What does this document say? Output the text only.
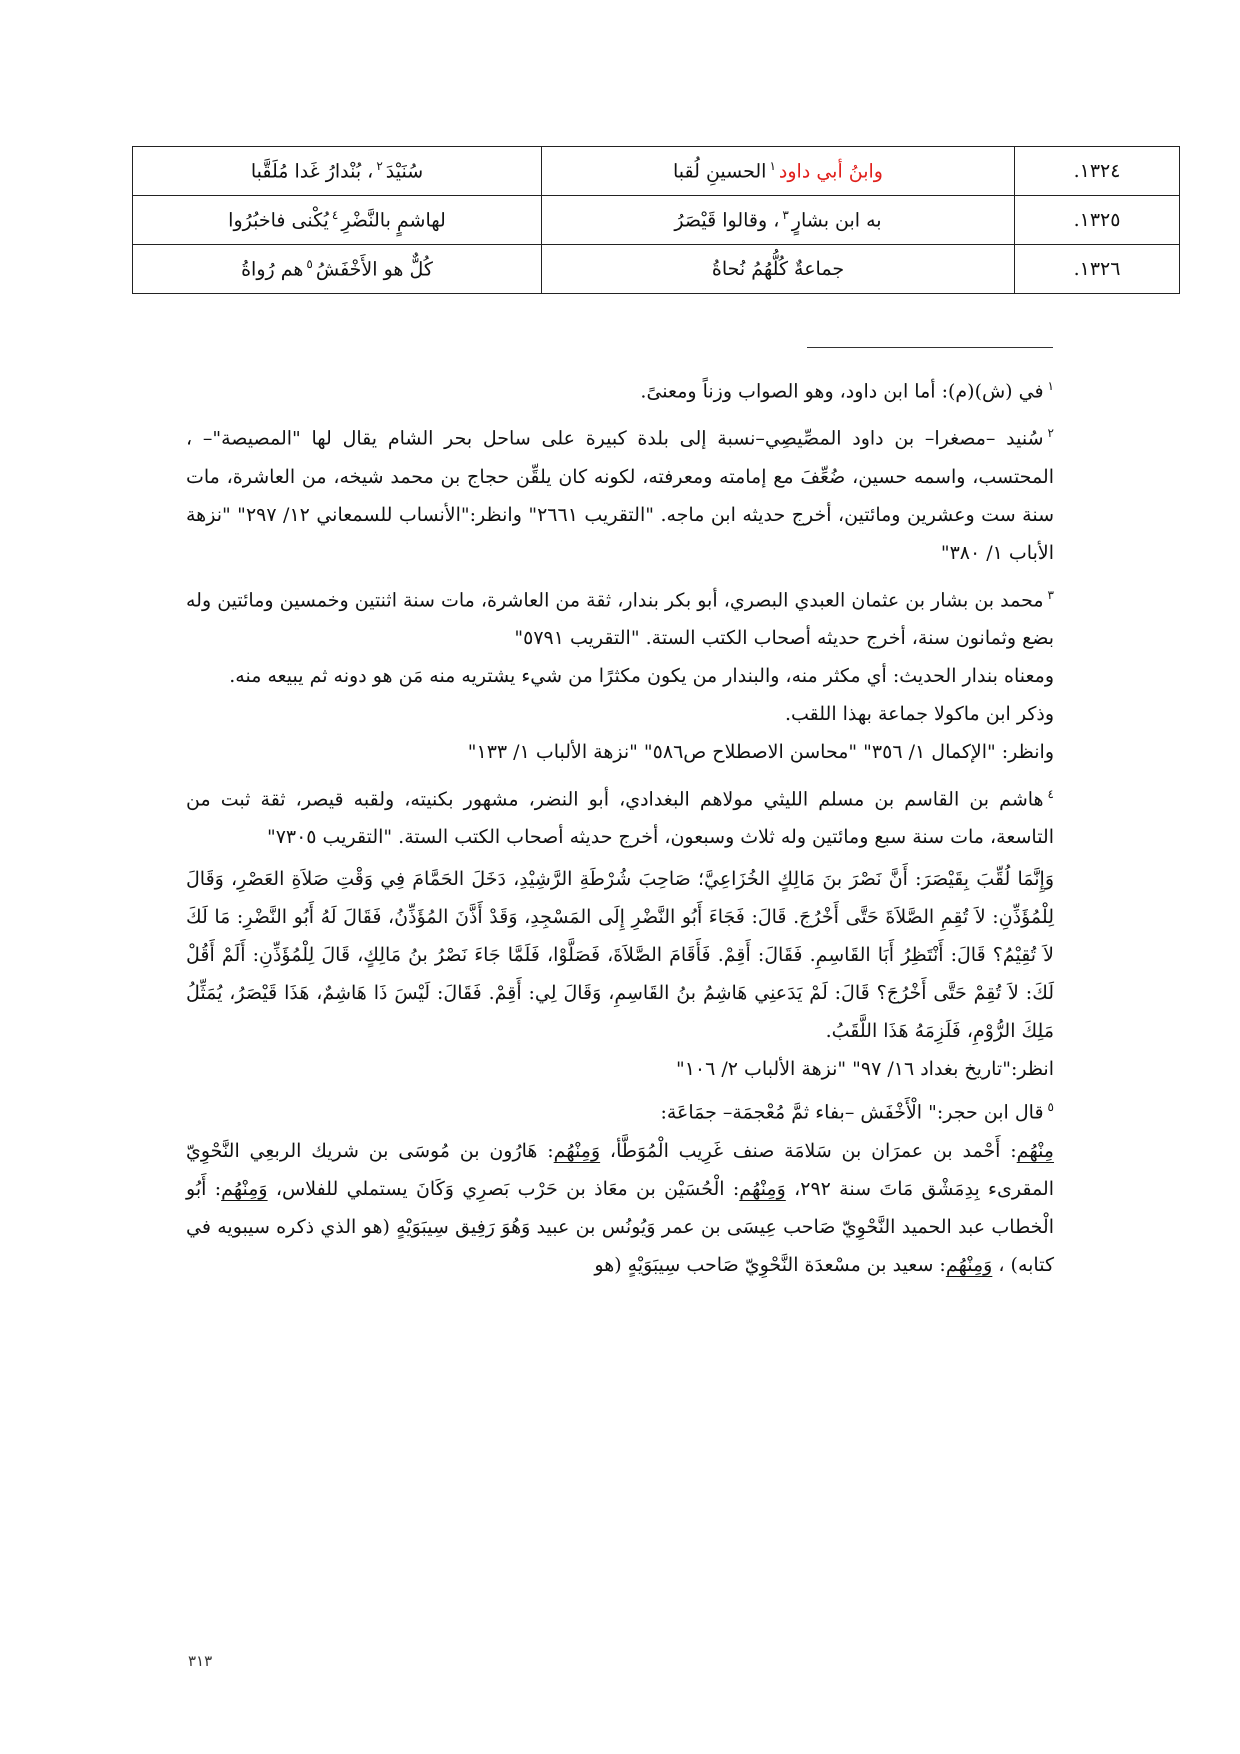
١٣٢٤.	وابنُ أبي داود$^١$الحسينِ لُقبا	سُنَيْدَ$^٢$، بُنْدارُ غَدا مُلَقَّبا
١٣٢٥.	به ابن بشارٍ$^٣$، وقالوا قَيْصَرُ	لهاشمٍ بالنَّضْرِ$^٤$يُكْنى فاخبُرُوا
١٣٢٦.	جماعةٌ كُلُّهُمُ نُحاةُ	كُلٌّ هو الأَخْفَشُ$^٥$هم رُواةُ

$^١$في (ش)(م): أما ابن داود، وهو الصواب وزناً ومعنىً.

$^٢$سُنيد –مصغرا– بن داود المصِّيصِي–نسبة إلى بلدة كبيرة على ساحل بحر الشام يقال لها "المصيصة"– ، المحتسب، واسمه حسين، ضُعِّفَ مع إمامته ومعرفته، لكونه كان يلقِّن حجاج بن محمد شيخه، من العاشرة، مات سنة ست وعشرين ومائتين، أخرج حديثه ابن ماجه. "التقريب ٢٦٦١" وانظر:"الأنساب للسمعاني ١٢/ ٢٩٧" "نزهة الأباب ١/ ٣٨٠"

$^٣$محمد بن بشار بن عثمان العبدي البصري، أبو بكر بندار، ثقة من العاشرة، مات سنة اثنتين وخمسين ومائتين وله بضع وثمانون سنة، أخرج حديثه أصحاب الكتب الستة. "التقريب ٥٧٩١"

ومعناه بندار الحديث: أي مكثر منه، والبندار من يكون مكثرًا من شيء يشتريه منه مَن هو دونه ثم يبيعه منه.

وذكر ابن ماكولا جماعة بهذا اللقب.

وانظر: "الإكمال ١/ ٣٥٦" "محاسن الاصطلاح ص٥٨٦" "نزهة الألباب ١/ ١٣٣"

$^٤$هاشم بن القاسم بن مسلم الليثي مولاهم البغدادي، أبو النضر، مشهور بكنيته، ولقبه قيصر، ثقة ثبت من التاسعة، مات سنة سبع ومائتين وله ثلاث وسبعون، أخرج حديثه أصحاب الكتب الستة. "التقريب ٧٣٠٥"

وَإِنَّمَا لُقِّبَ بِقَيْصَرَ: أَنَّ نَصْرَ بنَ مَالِكٍ الخُزَاعِيَّ؛ صَاحِبَ شُرْطَةِ الرَّشِيْدِ، دَخَلَ الحَمَّامَ فِي وَقْتِ صَلاَةِ العَصْرِ، وَقَالَ لِلْمُؤَذِّنِ: لاَ تُقِمِ الصَّلاَةَ حَتَّى أَخْرُجَ. قَالَ: فَجَاءَ أَبُو النَّضْرِ إِلَى المَسْجِدِ، وَقَدْ أَذَّنَ المُؤَذِّنُ، فَقَالَ لَهُ أَبُو النَّضْرِ: مَا لَكَ لاَ تُقِيْمُ؟ قَالَ: أَنْتَظِرُ أَبَا القَاسِمِ. فَقَالَ: أَقِمْ. فَأَقَامَ الصَّلاَةَ، فَصَلَّوْا، فَلَمَّا جَاءَ نَصْرُ بنُ مَالِكٍ، قَالَ لِلْمُؤَذِّنِ: أَلَمْ أَقُلْ لَكَ: لاَ تُقِمْ حَتَّى أَخْرُجَ؟ قَالَ: لَمْ يَدَعنِي هَاشِمُ بنُ القَاسِمِ، وَقَالَ لِي: أَقِمْ. فَقَالَ: لَيْسَ ذَا هَاشِمٌ، هَذَا قَيْصَرُ، يُمَثِّلُ مَلِكَ الرُّوْمِ، فَلَزِمَهُ هَذَا اللَّقَبُ.

انظر:"تاريخ بغداد ١٦/ ٩٧" "نزهة الألباب ٢/ ١٠٦"

$^٥$قال ابن حجر:" الْأَخْفَش –بفاء ثمَّ مُعْجمَة– جمَاعَة:

مِنْهُم: أَحْمد بن عمرَان بن سَلامَة صنف غَرِيب الْمُوَطَّأ، وَمِنْهُم: هَارُون بن مُوسَى بن شريك الربعِي النَّحْوِيّ المقرىء بِدِمَشْق مَاتَ سنة ٢٩٢، وَمِنْهُم: الْحُسَيْن بن معَاذ بن حَرْب بَصرِي وَكَانَ يستملي للفلاس، وَمِنْهُم: أَبُو الْخطاب عبد الحميد النَّحْوِيّ صَاحب عِيسَى بن عمر وَيُونُس بن عبيد وَهُوَ رَفِيق سِيبَوَيْهٍ (هو الذي ذكره سيبويه في كتابه) ، وَمِنْهُم: سعيد بن مسْعدَة النَّحْوِيّ صَاحب سِيبَوَيْهٍ (هو

٣١٣
